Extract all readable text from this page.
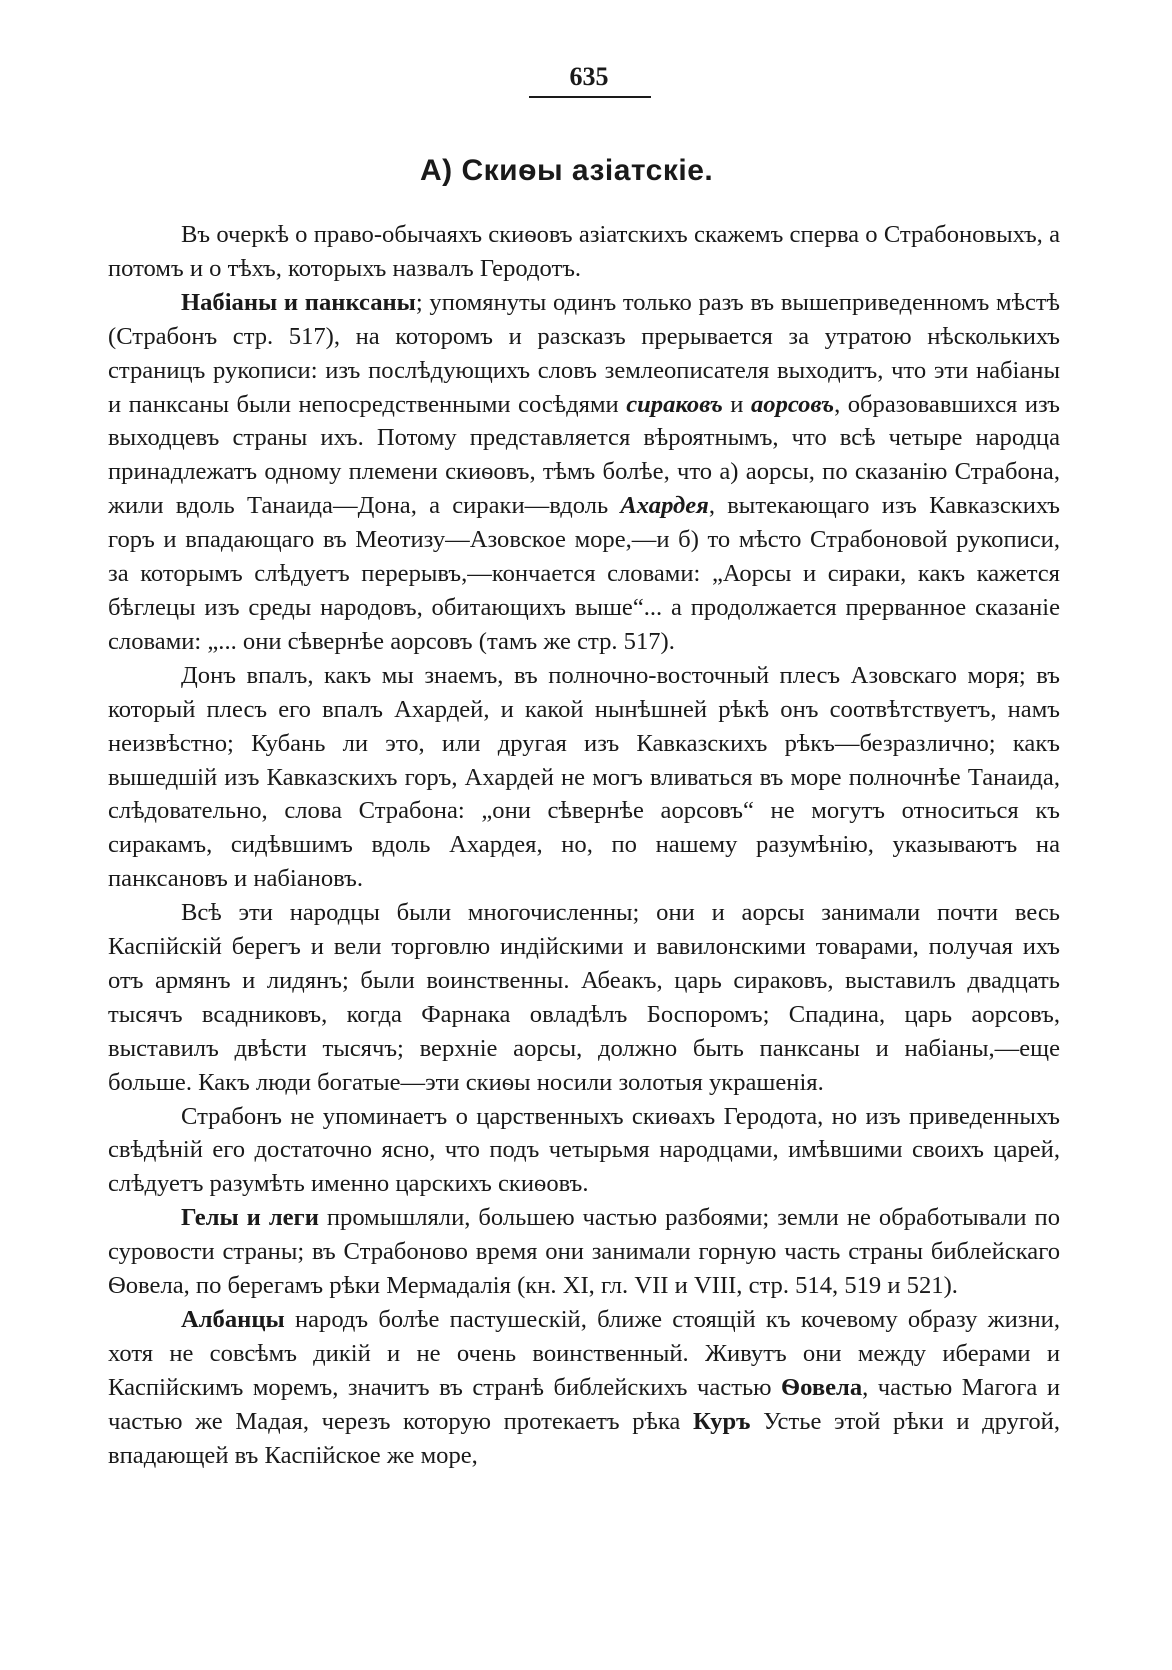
635
А) Скиѳы азіатскіе.

Въ очеркѣ о право-обычаяхъ скиѳовъ азіатскихъ скажемъ сперва о Страбоновыхъ, а потомъ и о тѣхъ, которыхъ назвалъ Геродотъ.

Набіаны и панксаны; упомянуты одинъ только разъ въ вышеприведенномъ мѣстѣ (Страбонъ стр. 517), на которомъ и разсказъ прерывается за утратою нѣсколькихъ страницъ рукописи: изъ послѣдующихъ словъ землеописателя выходитъ, что эти набіаны и панксаны были непосредственными сосѣдями сираковъ и аорсовъ, образовавшихся изъ выходцевъ страны ихъ. Потому представляется вѣроятнымъ, что всѣ четыре народца принадлежатъ одному племени скиѳовъ, тѣмъ болѣе, что а) аорсы, по сказанію Страбона, жили вдоль Танаида—Дона, а сираки—вдоль Ахардея, вытекающаго изъ Кавказскихъ горъ и впадающаго въ Меотизу—Азовское море,—и б) то мѣсто Страбоновой рукописи, за которымъ слѣдуетъ перерывъ,—кончается словами: „Аорсы и сираки, какъ кажется бѣглецы изъ среды народовъ, обитающихъ выше“... а продолжается прерванное сказаніе словами: „... они сѣвернѣе аорсовъ (тамъ же стр. 517).

Донъ впалъ, какъ мы знаемъ, въ полночно-восточный плесъ Азовскаго моря; въ который плесъ его впалъ Ахардей, и какой нынѣшней рѣкѣ онъ соотвѣтствуетъ, намъ неизвѣстно; Кубань ли это, или другая изъ Кавказскихъ рѣкъ—безразлично; какъ вышедшій изъ Кавказскихъ горъ, Ахардей не могъ вливаться въ море полночнѣе Танаида, слѣдовательно, слова Страбона: „они сѣвернѣе аорсовъ“ не могутъ относиться къ сиракамъ, сидѣвшимъ вдоль Ахардея, но, по нашему разумѣнію, указываютъ на панксановъ и набіановъ.

Всѣ эти народцы были многочисленны; они и аорсы занимали почти весь Каспійскій берегъ и вели торговлю индійскими и вавилонскими товарами, получая ихъ отъ армянъ и лидянъ; были воинственны. Абеакъ, царь сираковъ, выставилъ двадцать тысячъ всадниковъ, когда Фарнака овладѣлъ Боспоромъ; Спадина, царь аорсовъ, выставилъ двѣсти тысячъ; верхніе аорсы, должно быть панксаны и набіаны,—еще больше. Какъ люди богатые—эти скиѳы носили золотыя украшенія.

Страбонъ не упоминаетъ о царственныхъ скиѳахъ Геродота, но изъ приведенныхъ свѣдѣній его достаточно ясно, что подъ четырьмя народцами, имѣвшими своихъ царей, слѣдуетъ разумѣть именно царскихъ скиѳовъ.

Гелы и леги промышляли, большею частью разбоями; земли не обработывали по суровости страны; въ Страбоново время они занимали горную часть страны библейскаго Ѳовела, по берегамъ рѣки Мермадалія (кн. XI, гл. VII и VIII, стр. 514, 519 и 521).

Албанцы народъ болѣе пастушескій, ближе стоящій къ кочевому образу жизни, хотя не совсѣмъ дикій и не очень воинственный. Живутъ они между иберами и Каспійскимъ моремъ, значитъ въ странѣ библейскихъ частью Ѳовела, частью Магога и частью же Мадая, черезъ которую протекаетъ рѣка Куръ Устье этой рѣки и другой, впадающей въ Каспійское же море,
